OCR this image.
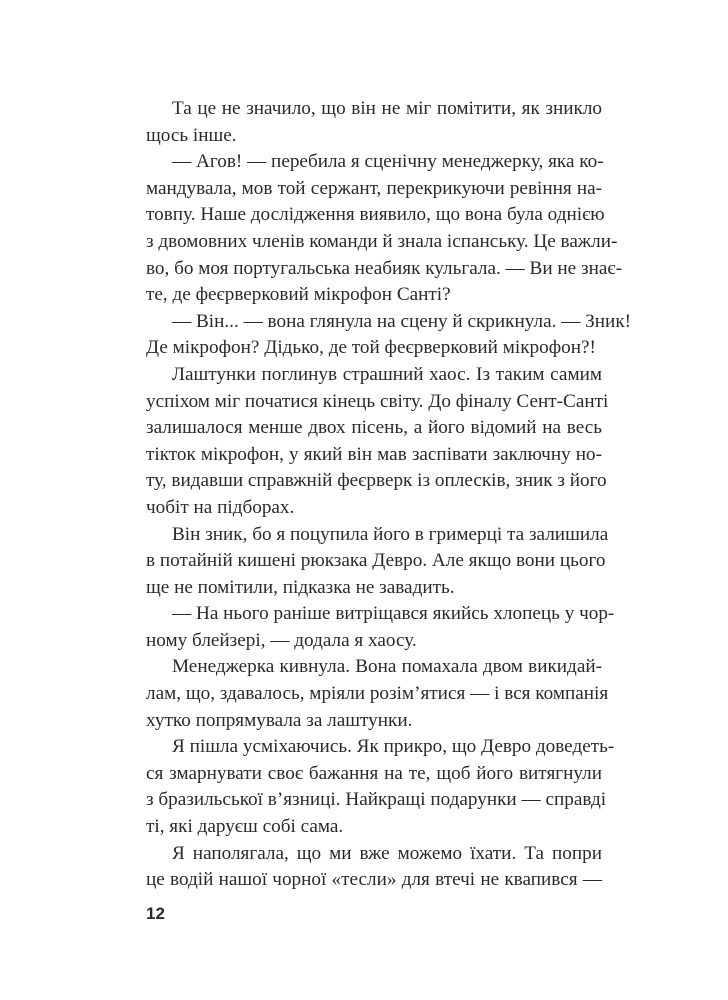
Та це не значило, що він не міг помітити, як зникло
щось інше.
— Агов! — перебила я сценічну менеджерку, яка ко-
мандувала, мов той сержант, перекрикуючи ревіння на-
товпу. Наше дослідження виявило, що вона була однією
з двомовних членів команди й знала іспанську. Це важли-
во, бо моя португальська неабияк кульгала. — Ви не знає-
те, де феєрверковий мікрофон Санті?
— Він... — вона глянула на сцену й скрикнула. — Зник!
Де мікрофон? Дідько, де той феєрверковий мікрофон?!
Лаштунки поглинув страшний хаос. Із таким самим
успіхом міг початися кінець світу. До фіналу Сент-Санті
залишалося менше двох пісень, а його відомий на весь
тікток мікрофон, у який він мав заспівати заключну но-
ту, видавши справжній феєрверк із оплесків, зник з його
чобіт на підборах.
Він зник, бо я поцупила його в гримерці та залишила
в потайній кишені рюкзака Девро. Але якщо вони цього
ще не помітили, підказка не завадить.
— На нього раніше витріщався якийсь хлопець у чор-
ному блейзері, — додала я хаосу.
Менеджерка кивнула. Вона помахала двом викидай-
лам, що, здавалось, мріяли розім’ятися — і вся компанія
хутко попрямувала за лаштунки.
Я пішла усміхаючись. Як прикро, що Девро доведеть-
ся змарнувати своє бажання на те, щоб його витягнули
з бразильської в’язниці. Найкращі подарунки — справді
ті, які даруєш собі сама.
Я наполягала, що ми вже можемо їхати. Та попри
це водій нашої чорної «тесли» для втечі не квапився —
12
